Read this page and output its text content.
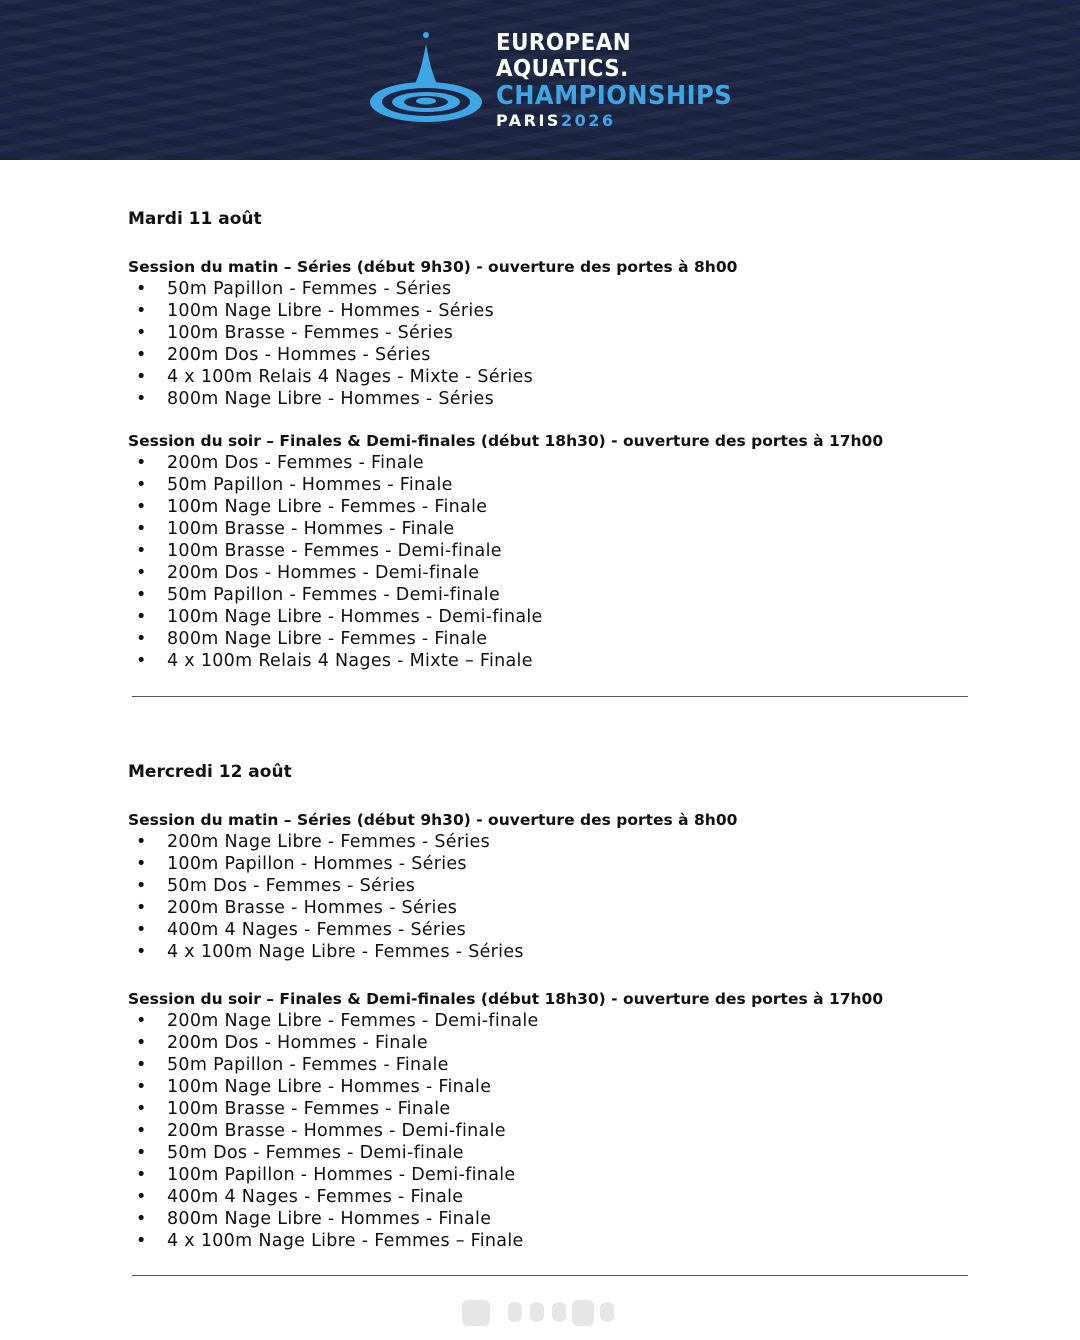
EUROPEAN
AQUATICS.
CHAMPIONSHIPS
PARIS2026
Mardi 11 août
Session du matin – Séries (début 9h30) - ouverture des portes à 8h00
• 50m Papillon - Femmes - Séries
• 100m Nage Libre - Hommes - Séries
• 100m Brasse - Femmes - Séries
• 200m Dos - Hommes - Séries
• 4 x 100m Relais 4 Nages - Mixte - Séries
• 800m Nage Libre - Hommes - Séries
Session du soir – Finales & Demi-finales (début 18h30) - ouverture des portes à 17h00
• 200m Dos - Femmes - Finale
• 50m Papillon - Hommes - Finale
• 100m Nage Libre - Femmes - Finale
• 100m Brasse - Hommes - Finale
• 100m Brasse - Femmes - Demi-finale
• 200m Dos - Hommes - Demi-finale
• 50m Papillon - Femmes - Demi-finale
• 100m Nage Libre - Hommes - Demi-finale
• 800m Nage Libre - Femmes - Finale
• 4 x 100m Relais 4 Nages - Mixte – Finale
Mercredi 12 août
Session du matin – Séries (début 9h30) - ouverture des portes à 8h00
• 200m Nage Libre - Femmes - Séries
• 100m Papillon - Hommes - Séries
• 50m Dos - Femmes - Séries
• 200m Brasse - Hommes - Séries
• 400m 4 Nages - Femmes - Séries
• 4 x 100m Nage Libre - Femmes - Séries
Session du soir – Finales & Demi-finales (début 18h30) - ouverture des portes à 17h00
• 200m Nage Libre - Femmes - Demi-finale
• 200m Dos - Hommes - Finale
• 50m Papillon - Femmes - Finale
• 100m Nage Libre - Hommes - Finale
• 100m Brasse - Femmes - Finale
• 200m Brasse - Hommes - Demi-finale
• 50m Dos - Femmes - Demi-finale
• 100m Papillon - Hommes - Demi-finale
• 400m 4 Nages - Femmes - Finale
• 800m Nage Libre - Hommes - Finale
• 4 x 100m Nage Libre - Femmes – Finale
